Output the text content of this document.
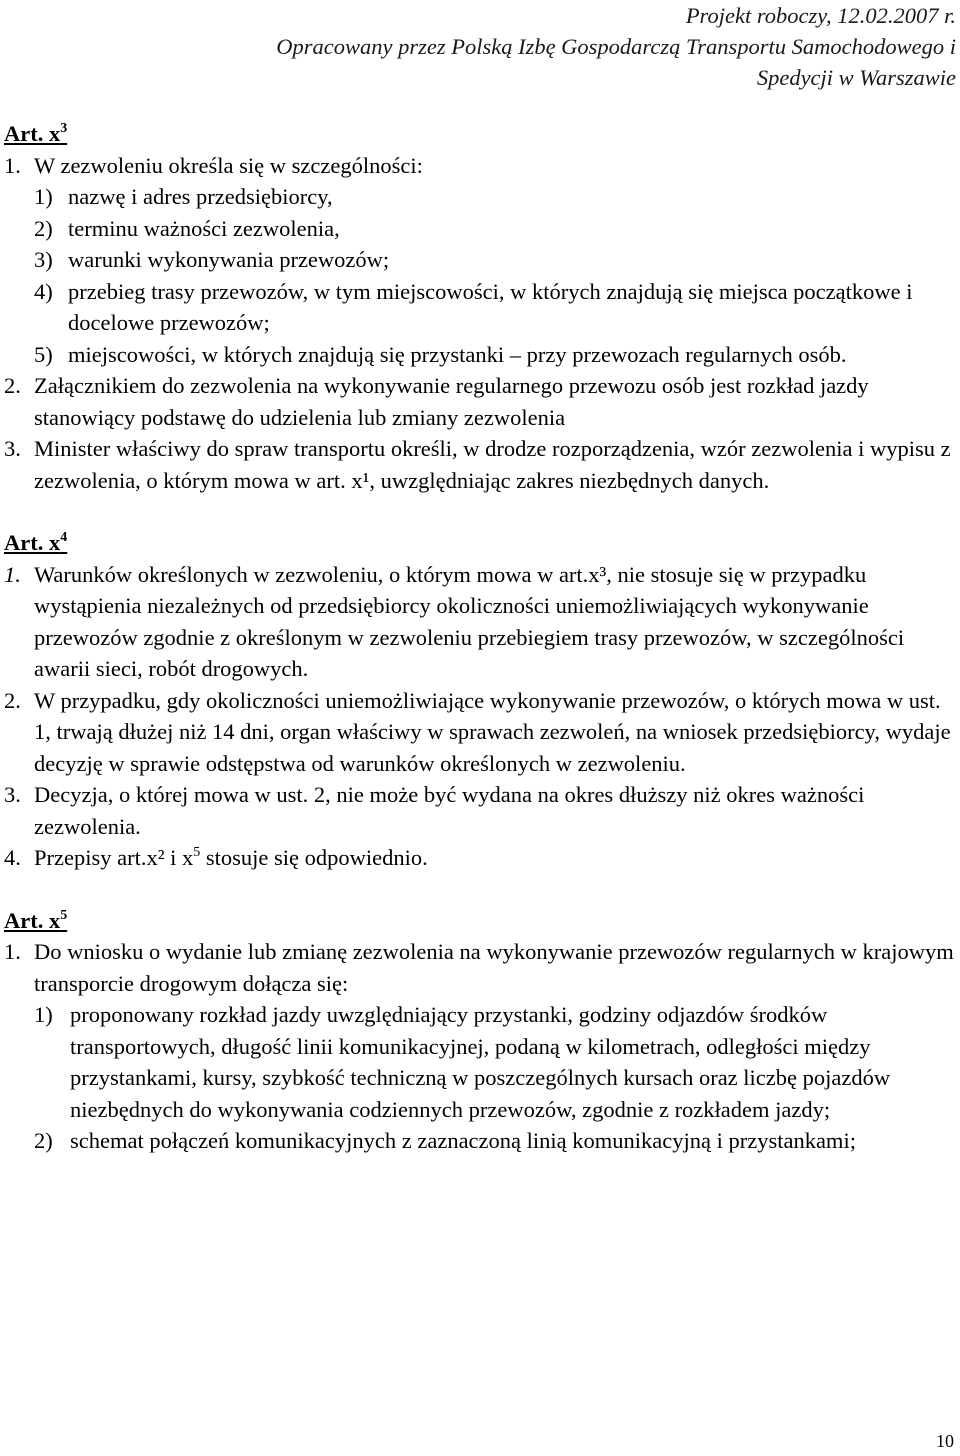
Projekt roboczy, 12.02.2007 r.
Opracowany przez Polską Izbę Gospodarczą Transportu Samochodowego i
Spedycji w Warszawie
Art. $x^3$
1. W zezwoleniu określa się w szczególności:
1) nazwę i adres przedsiębiorcy,
2) terminu ważności zezwolenia,
3) warunki wykonywania przewozów;
4) przebieg trasy przewozów, w tym miejscowości, w których znajdują się miejsca początkowe i docelowe przewozów;
5) miejscowości, w których znajdują się przystanki – przy przewozach regularnych osób.
2. Załącznikiem do zezwolenia na wykonywanie regularnego przewozu osób jest rozkład jazdy stanowiący podstawę do udzielenia lub zmiany zezwolenia
3. Minister właściwy do spraw transportu określi, w drodze rozporządzenia, wzór zezwolenia i wypisu z zezwolenia, o którym mowa w art. x¹, uwzględniając zakres niezbędnych danych.
Art. $x^4$
1. Warunków określonych w zezwoleniu, o którym mowa w art.x³, nie stosuje się w przypadku wystąpienia niezależnych od przedsiębiorcy okoliczności uniemożliwiających wykonywanie przewozów zgodnie z określonym w zezwoleniu przebiegiem trasy przewozów, w szczególności awarii sieci, robót drogowych.
2. W przypadku, gdy okoliczności uniemożliwiające wykonywanie przewozów, o których mowa w ust. 1, trwają dłużej niż 14 dni, organ właściwy w sprawach zezwoleń, na wniosek przedsiębiorcy, wydaje decyzję w sprawie odstępstwa od warunków określonych w zezwoleniu.
3. Decyzja, o której mowa w ust. 2, nie może być wydana na okres dłuższy niż okres ważności zezwolenia.
4. Przepisy art.x² i $x^5$ stosuje się odpowiednio.
Art. $x^5$
1. Do wniosku o wydanie lub zmianę zezwolenia na wykonywanie przewozów regularnych w krajowym transporcie drogowym dołącza się:
1) proponowany rozkład jazdy uwzględniający przystanki, godziny odjazdów środków transportowych, długość linii komunikacyjnej, podaną w kilometrach, odległości między przystankami, kursy, szybkość techniczną w poszczególnych kursach oraz liczbę pojazdów niezbędnych do wykonywania codziennych przewozów, zgodnie z rozkładem jazdy;
2) schemat połączeń komunikacyjnych z zaznaczoną linią komunikacyjną i przystankami;
10
